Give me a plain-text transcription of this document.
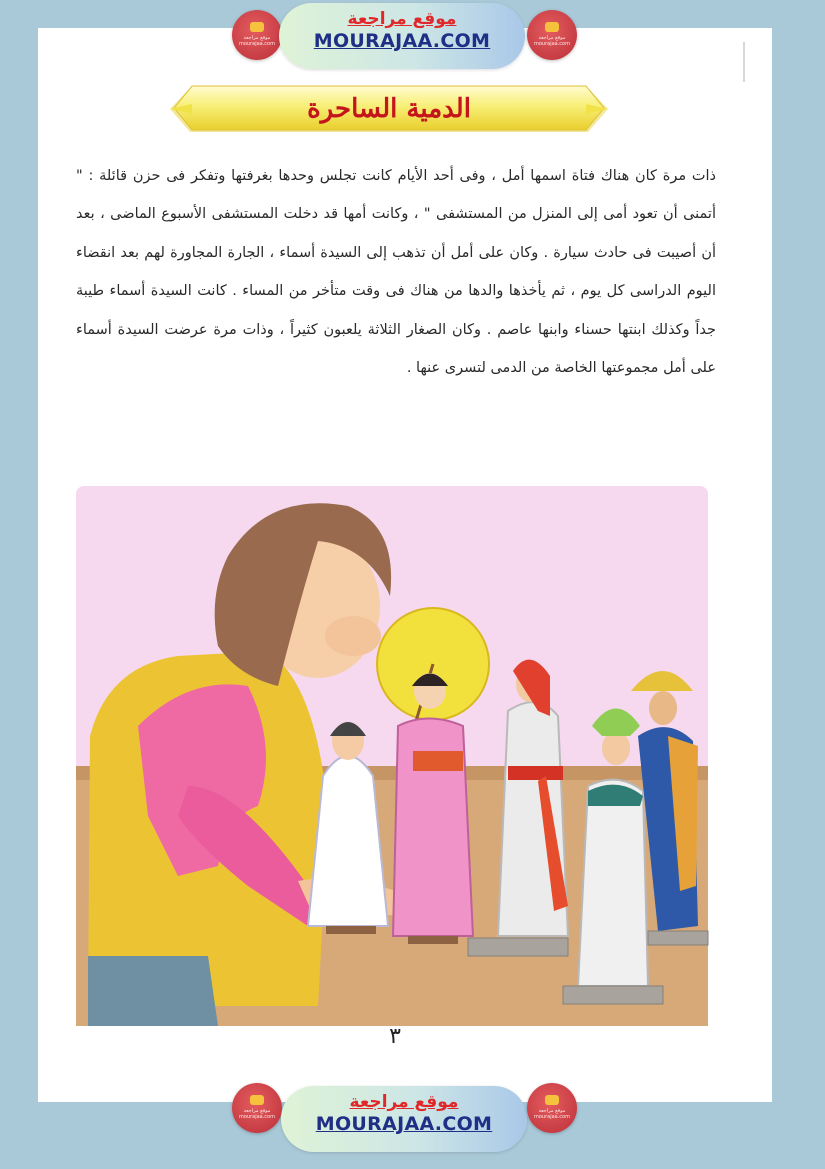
موقع مراجعة
mourajaa.com
موقع مراجعة
MOURAJAA.COM	موقع مراجعة
mourajaa.com
الدمية الساحرة
ذات مرة كان هناك فتاة اسمها أمل ، وفى أحد الأيام كانت تجلس وحدها بغرفتها وتفكر فى حزن قائلة : " أتمنى أن تعود أمى إلى المنزل من المستشفى " ، وكانت أمها قد دخلت المستشفى الأسبوع الماضى ، بعد أن أصيبت فى حادث سيارة . وكان على أمل أن تذهب إلى السيدة أسماء ، الجارة المجاورة لهم بعد انقضاء اليوم الدراسى كل يوم ، ثم يأخذها والدها من هناك فى وقت متأخر من المساء . كانت السيدة أسماء طيبة جداً وكذلك ابنتها حسناء وابنها عاصم . وكان الصغار الثلاثة يلعبون كثيراً ، وذات مرة عرضت السيدة أسماء على أمل مجموعتها الخاصة من الدمى لتسرى عنها .
٣
موقع مراجعة
mourajaa.com
موقع مراجعة
MOURAJAA.COM
موقع مراجعة
mourajaa.com
